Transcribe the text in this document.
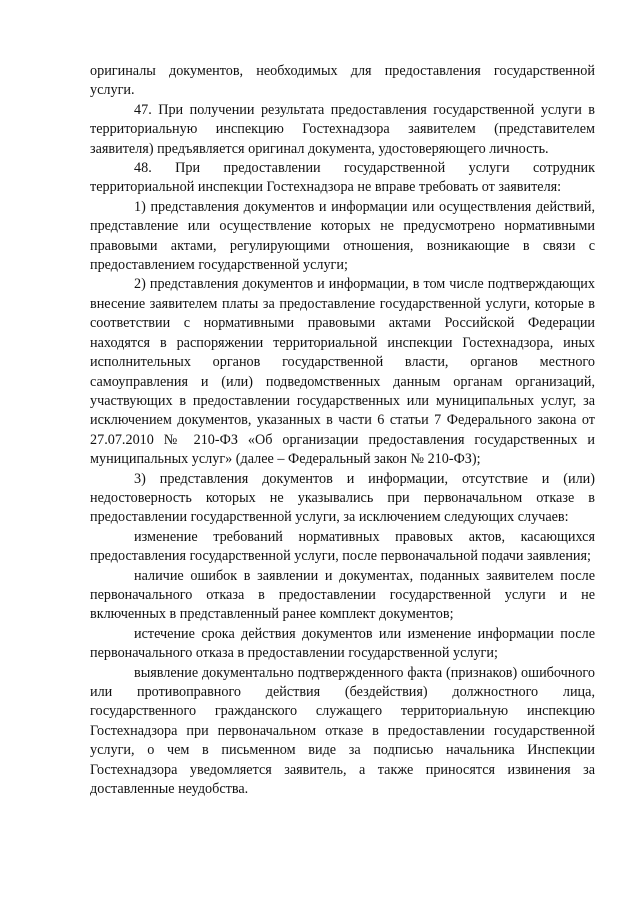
оригиналы документов, необходимых для предоставления государственной услуги.

47. При получении результата предоставления государственной услуги в территориальную инспекцию Гостехнадзора заявителем (представителем заявителя) предъявляется оригинал документа, удостоверяющего личность.

48. При предоставлении государственной услуги сотрудник территориальной инспекции Гостехнадзора не вправе требовать от заявителя:

1) представления документов и информации или осуществления действий, представление или осуществление которых не предусмотрено нормативными правовыми актами, регулирующими отношения, возникающие в связи с предоставлением государственной услуги;

2) представления документов и информации, в том числе подтверждающих внесение заявителем платы за предоставление государственной услуги, которые в соответствии с нормативными правовыми актами Российской Федерации находятся в распоряжении территориальной инспекции Гостехнадзора, иных исполнительных органов государственной власти, органов местного самоуправления и (или) подведомственных данным органам организаций, участвующих в предоставлении государственных или муниципальных услуг, за исключением документов, указанных в части 6 статьи 7 Федерального закона от 27.07.2010 № 210-ФЗ «Об организации предоставления государственных и муниципальных услуг» (далее – Федеральный закон № 210-ФЗ);

3) представления документов и информации, отсутствие и (или) недостоверность которых не указывались при первоначальном отказе в предоставлении государственной услуги, за исключением следующих случаев:

изменение требований нормативных правовых актов, касающихся предоставления государственной услуги, после первоначальной подачи заявления;

наличие ошибок в заявлении и документах, поданных заявителем после первоначального отказа в предоставлении государственной услуги и не включенных в представленный ранее комплект документов;

истечение срока действия документов или изменение информации после первоначального отказа в предоставлении государственной услуги;

выявление документально подтвержденного факта (признаков) ошибочного или противоправного действия (бездействия) должностного лица, государственного гражданского служащего территориальную инспекцию Гостехнадзора при первоначальном отказе в предоставлении государственной услуги, о чем в письменном виде за подписью начальника Инспекции Гостехнадзора уведомляется заявитель, а также приносятся извинения за доставленные неудобства.
